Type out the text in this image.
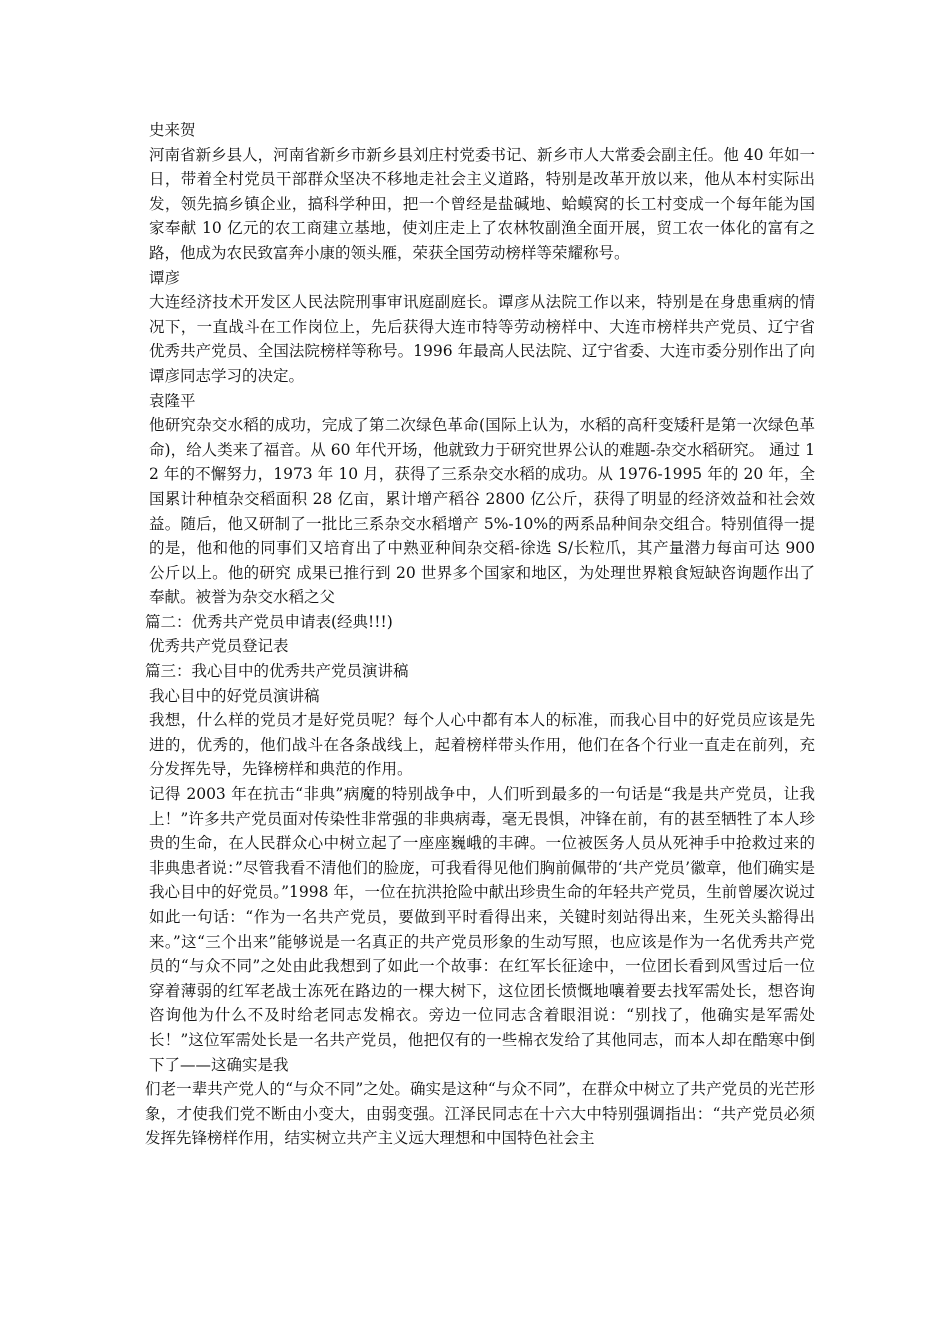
史来贺
河南省新乡县人，河南省新乡市新乡县刘庄村党委书记、新乡市人大常委会副主任。他 40 年如一日，带着全村党员干部群众坚决不移地走社会主义道路，特别是改革开放以来，他从本村实际出发，领先搞乡镇企业，搞科学种田，把一个曾经是盐碱地、蛤蟆窝的长工村变成一个每年能为国家奉献 10 亿元的农工商建立基地，使刘庄走上了农林牧副渔全面开展，贸工农一体化的富有之路，他成为农民致富奔小康的领头雁，荣获全国劳动榜样等荣耀称号。
谭彦
大连经济技术开发区人民法院刑事审讯庭副庭长。谭彦从法院工作以来，特别是在身患重病的情况下，一直战斗在工作岗位上，先后获得大连市特等劳动榜样中、大连市榜样共产党员、辽宁省优秀共产党员、全国法院榜样等称号。1996 年最高人民法院、辽宁省委、大连市委分别作出了向谭彦同志学习的决定。
袁隆平
他研究杂交水稻的成功，完成了第二次绿色革命(国际上认为，水稻的高秆变矮秆是第一次绿色革命)，给人类来了福音。从 60 年代开场，他就致力于研究世界公认的难题-杂交水稻研究。 通过 12 年的不懈努力，1973 年 10 月，获得了三系杂交水稻的成功。从 1976-1995 年的 20 年，全国累计种植杂交稻面积 28 亿亩，累计增产稻谷 2800 亿公斤，获得了明显的经济效益和社会效益。随后，他又研制了一批比三系杂交水稻增产 5%-10%的两系品种间杂交组合。特别值得一提的是，他和他的同事们又培育出了中熟亚种间杂交稻-徐选 S/长粒爪，其产量潜力每亩可达 900 公斤以上。他的研究 成果已推行到 20 世界多个国家和地区，为处理世界粮食短缺咨询题作出了奉献。被誉为杂交水稻之父
篇二：优秀共产党员申请表(经典!!!)
优秀共产党员登记表
篇三：我心目中的优秀共产党员演讲稿
我心目中的好党员演讲稿
我想，什么样的党员才是好党员呢？每个人心中都有本人的标准，而我心目中的好党员应该是先进的，优秀的，他们战斗在各条战线上，起着榜样带头作用，他们在各个行业一直走在前列，充分发挥先导，先锋榜样和典范的作用。
记得 2003 年在抗击“非典”病魔的特别战争中，人们听到最多的一句话是“我是共产党员，让我上！”许多共产党员面对传染性非常强的非典病毒，毫无畏惧，冲锋在前，有的甚至牺牲了本人珍贵的生命，在人民群众心中树立起了一座座巍峨的丰碑。一位被医务人员从死神手中抢救过来的非典患者说：”尽管我看不清他们的脸庞，可我看得见他们胸前佩带的‘共产党员’徽章，他们确实是我心目中的好党员。”1998 年，一位在抗洪抢险中献出珍贵生命的年轻共产党员，生前曾屡次说过如此一句话：“作为一名共产党员，要做到平时看得出来，关键时刻站得出来，生死关头豁得出来。”这“三个出来”能够说是一名真正的共产党员形象的生动写照，也应该是作为一名优秀共产党员的“与众不同”之处由此我想到了如此一个故事：在红军长征途中，一位团长看到风雪过后一位穿着薄弱的红军老战士冻死在路边的一棵大树下，这位团长愤慨地嚷着要去找军需处长，想咨询咨询他为什么不及时给老同志发棉衣。旁边一位同志含着眼泪说：“别找了，他确实是军需处长！”这位军需处长是一名共产党员，他把仅有的一些棉衣发给了其他同志，而本人却在酷寒中倒下了——这确实是我
们老一辈共产党人的“与众不同”之处。确实是这种“与众不同”，在群众中树立了共产党员的光芒形象，才使我们党不断由小变大，由弱变强。江泽民同志在十六大中特别强调指出：“共产党员必须发挥先锋榜样作用，结实树立共产主义远大理想和中国特色社会主
